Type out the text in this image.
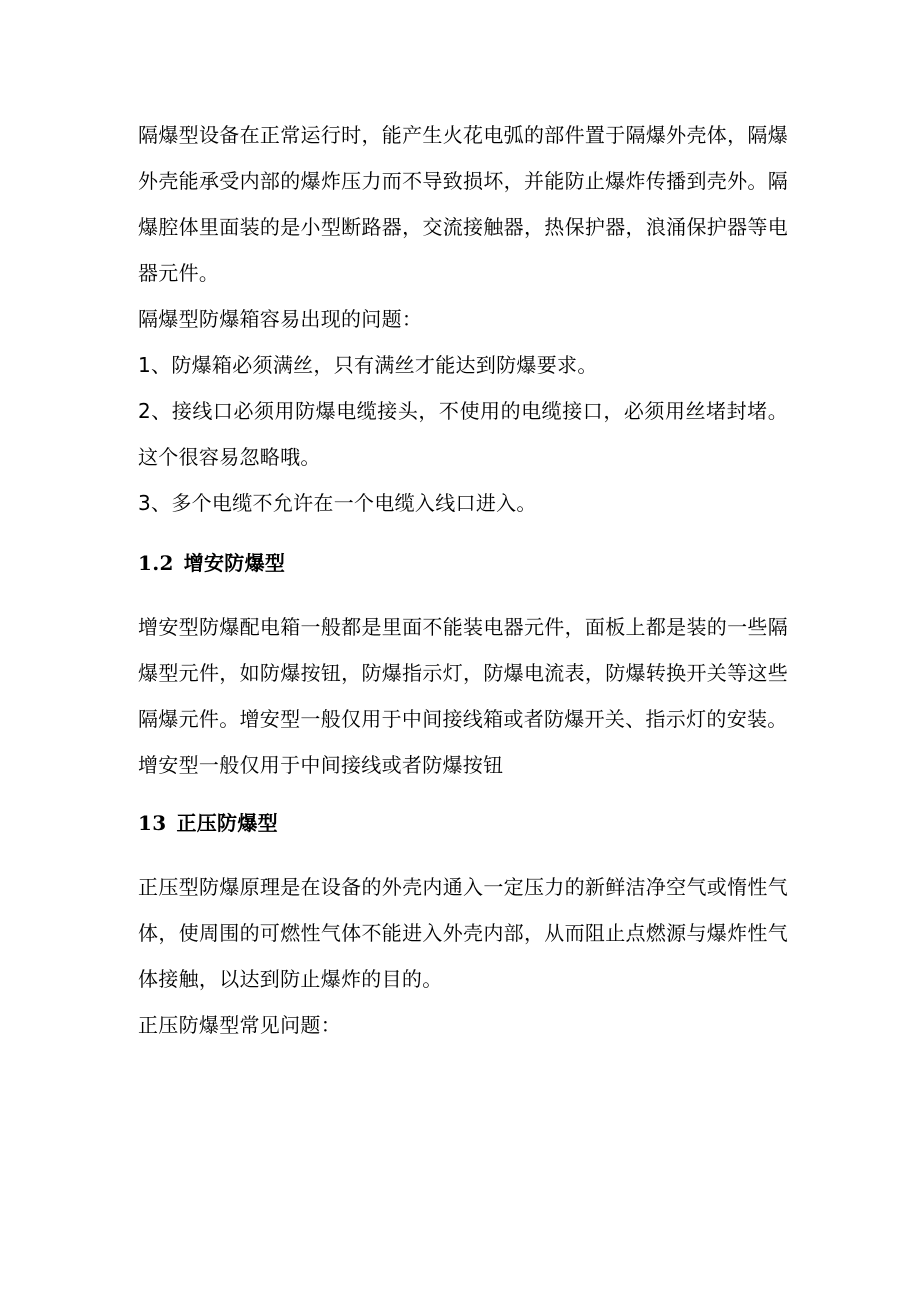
隔爆型设备在正常运行时，能产生火花电弧的部件置于隔爆外壳体，隔爆外壳能承受内部的爆炸压力而不导致损坏，并能防止爆炸传播到壳外。隔爆腔体里面装的是小型断路器，交流接触器，热保护器，浪涌保护器等电器元件。

隔爆型防爆箱容易出现的问题：

1、防爆箱必须满丝，只有满丝才能达到防爆要求。

2、接线口必须用防爆电缆接头，不使用的电缆接口，必须用丝堵封堵。这个很容易忽略哦。

3、多个电缆不允许在一个电缆入线口进入。

1.2 增安防爆型

增安型防爆配电箱一般都是里面不能装电器元件，面板上都是装的一些隔爆型元件，如防爆按钮，防爆指示灯，防爆电流表，防爆转换开关等这些隔爆元件。增安型一般仅用于中间接线箱或者防爆开关、指示灯的安装。

增安型一般仅用于中间接线或者防爆按钮

13 正压防爆型

正压型防爆原理是在设备的外壳内通入一定压力的新鲜洁净空气或惰性气体，使周围的可燃性气体不能进入外壳内部，从而阻止点燃源与爆炸性气体接触，以达到防止爆炸的目的。

正压防爆型常见问题：
